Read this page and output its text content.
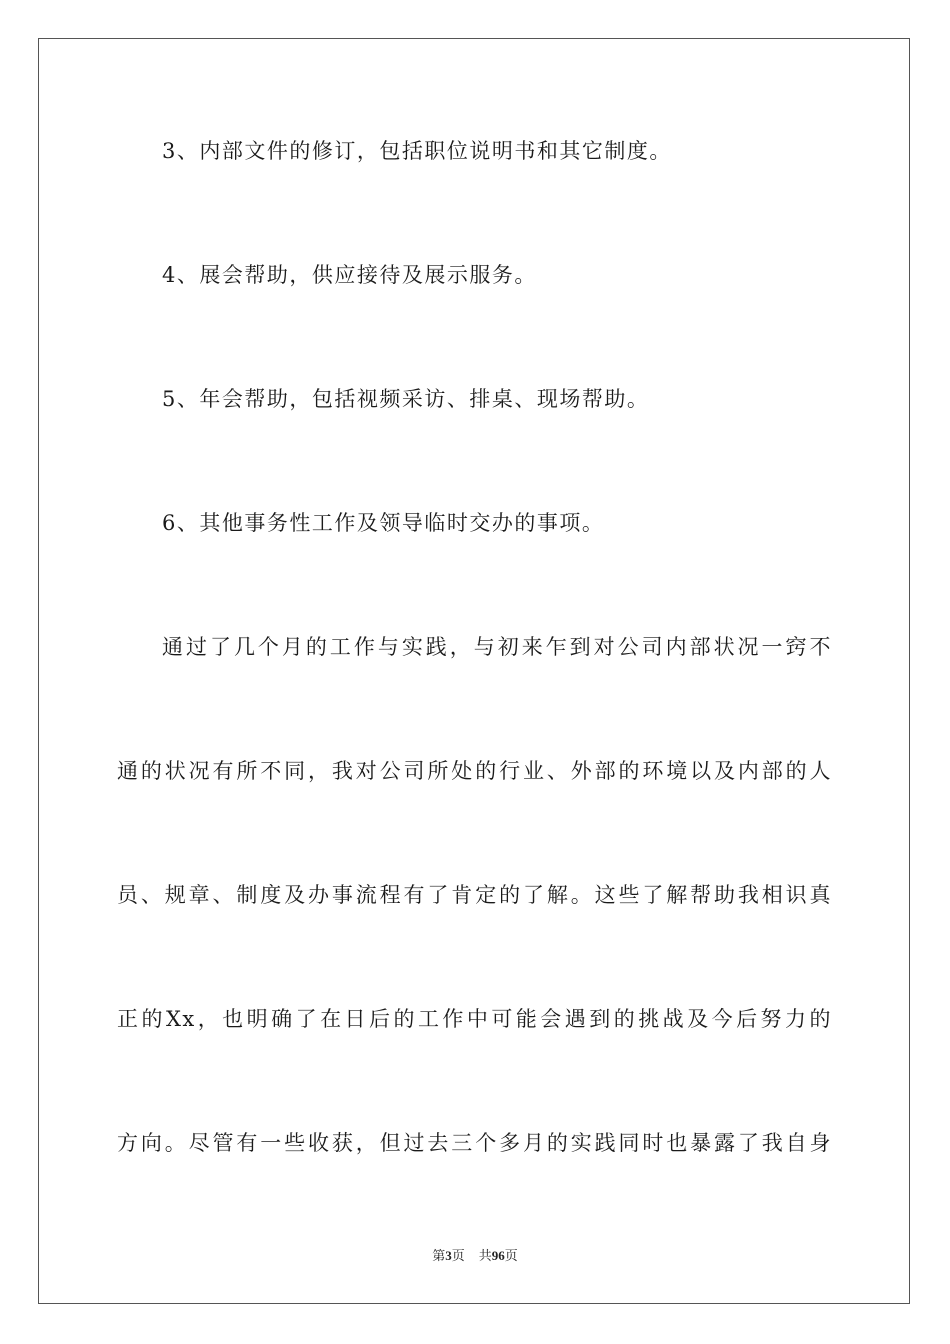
3、内部文件的修订，包括职位说明书和其它制度。
4、展会帮助，供应接待及展示服务。
5、年会帮助，包括视频采访、排桌、现场帮助。
6、其他事务性工作及领导临时交办的事项。
通过了几个月的工作与实践，与初来乍到对公司内部状况一窍不
通的状况有所不同，我对公司所处的行业、外部的环境以及内部的人
员、规章、制度及办事流程有了肯定的了解。这些了解帮助我相识真
正的Xx，也明确了在日后的工作中可能会遇到的挑战及今后努力的
方向。尽管有一些收获，但过去三个多月的实践同时也暴露了我自身
第3页 共96页
